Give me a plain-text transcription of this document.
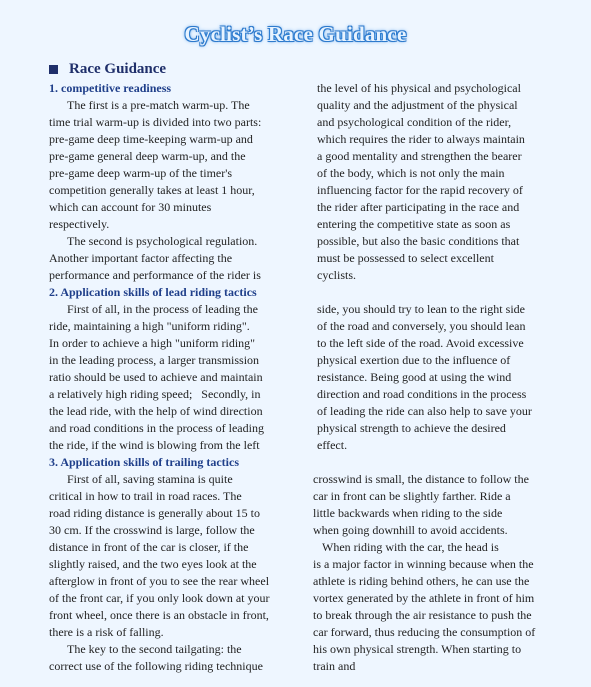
Cyclist’s Race Guidance
Race Guidance

1. competitive readiness

The first is a pre-match warm-up. The

time trial warm-up is divided into two parts:

pre-game deep time-keeping warm-up and

pre-game general deep warm-up, and the

pre-game deep warm-up of the timer's

competition generally takes at least 1 hour,

which can account for 30 minutes

respectively.

The second is psychological regulation.

Another important factor affecting the

performance and performance of the rider is

the level of his physical and psychological

quality and the adjustment of the physical

and psychological condition of the rider,

which requires the rider to always maintain

a good mentality and strengthen the bearer

of the body, which is not only the main

influencing factor for the rapid recovery of

the rider after participating in the race and

entering the competitive state as soon as

possible, but also the basic conditions that

must be possessed to select excellent

cyclists.

2. Application skills of lead riding tactics

First of all, in the process of leading the

ride, maintaining a high "uniform riding".

In order to achieve a high "uniform riding"

in the leading process, a larger transmission

ratio should be used to achieve and maintain

a relatively high riding speed;   Secondly, in

the lead ride, with the help of wind direction

and road conditions in the process of leading

the ride, if the wind is blowing from the left

side, you should try to lean to the right side

of the road and conversely, you should lean

to the left side of the road. Avoid excessive

physical exertion due to the influence of

resistance. Being good at using the wind

direction and road conditions in the process

of leading the ride can also help to save your

physical strength to achieve the desired

effect.

3. Application skills of trailing tactics

First of all, saving stamina is quite

critical in how to trail in road races. The

road riding distance is generally about 15 to

30 cm. If the crosswind is large, follow the

distance in front of the car is closer, if the

slightly raised, and the two eyes look at the

afterglow in front of you to see the rear wheel

of the front car, if you only look down at your

front wheel, once there is an obstacle in front,

there is a risk of falling.

The key to the second tailgating: the

correct use of the following riding technique

crosswind is small, the distance to follow the

car in front can be slightly farther. Ride a

little backwards when riding to the side

when going downhill to avoid accidents.

When riding with the car, the head is

is a major factor in winning because when the

athlete is riding behind others, he can use the

vortex generated by the athlete in front of him

to break through the air resistance to push the

car forward, thus reducing the consumption of

his own physical strength. When starting to

train and
